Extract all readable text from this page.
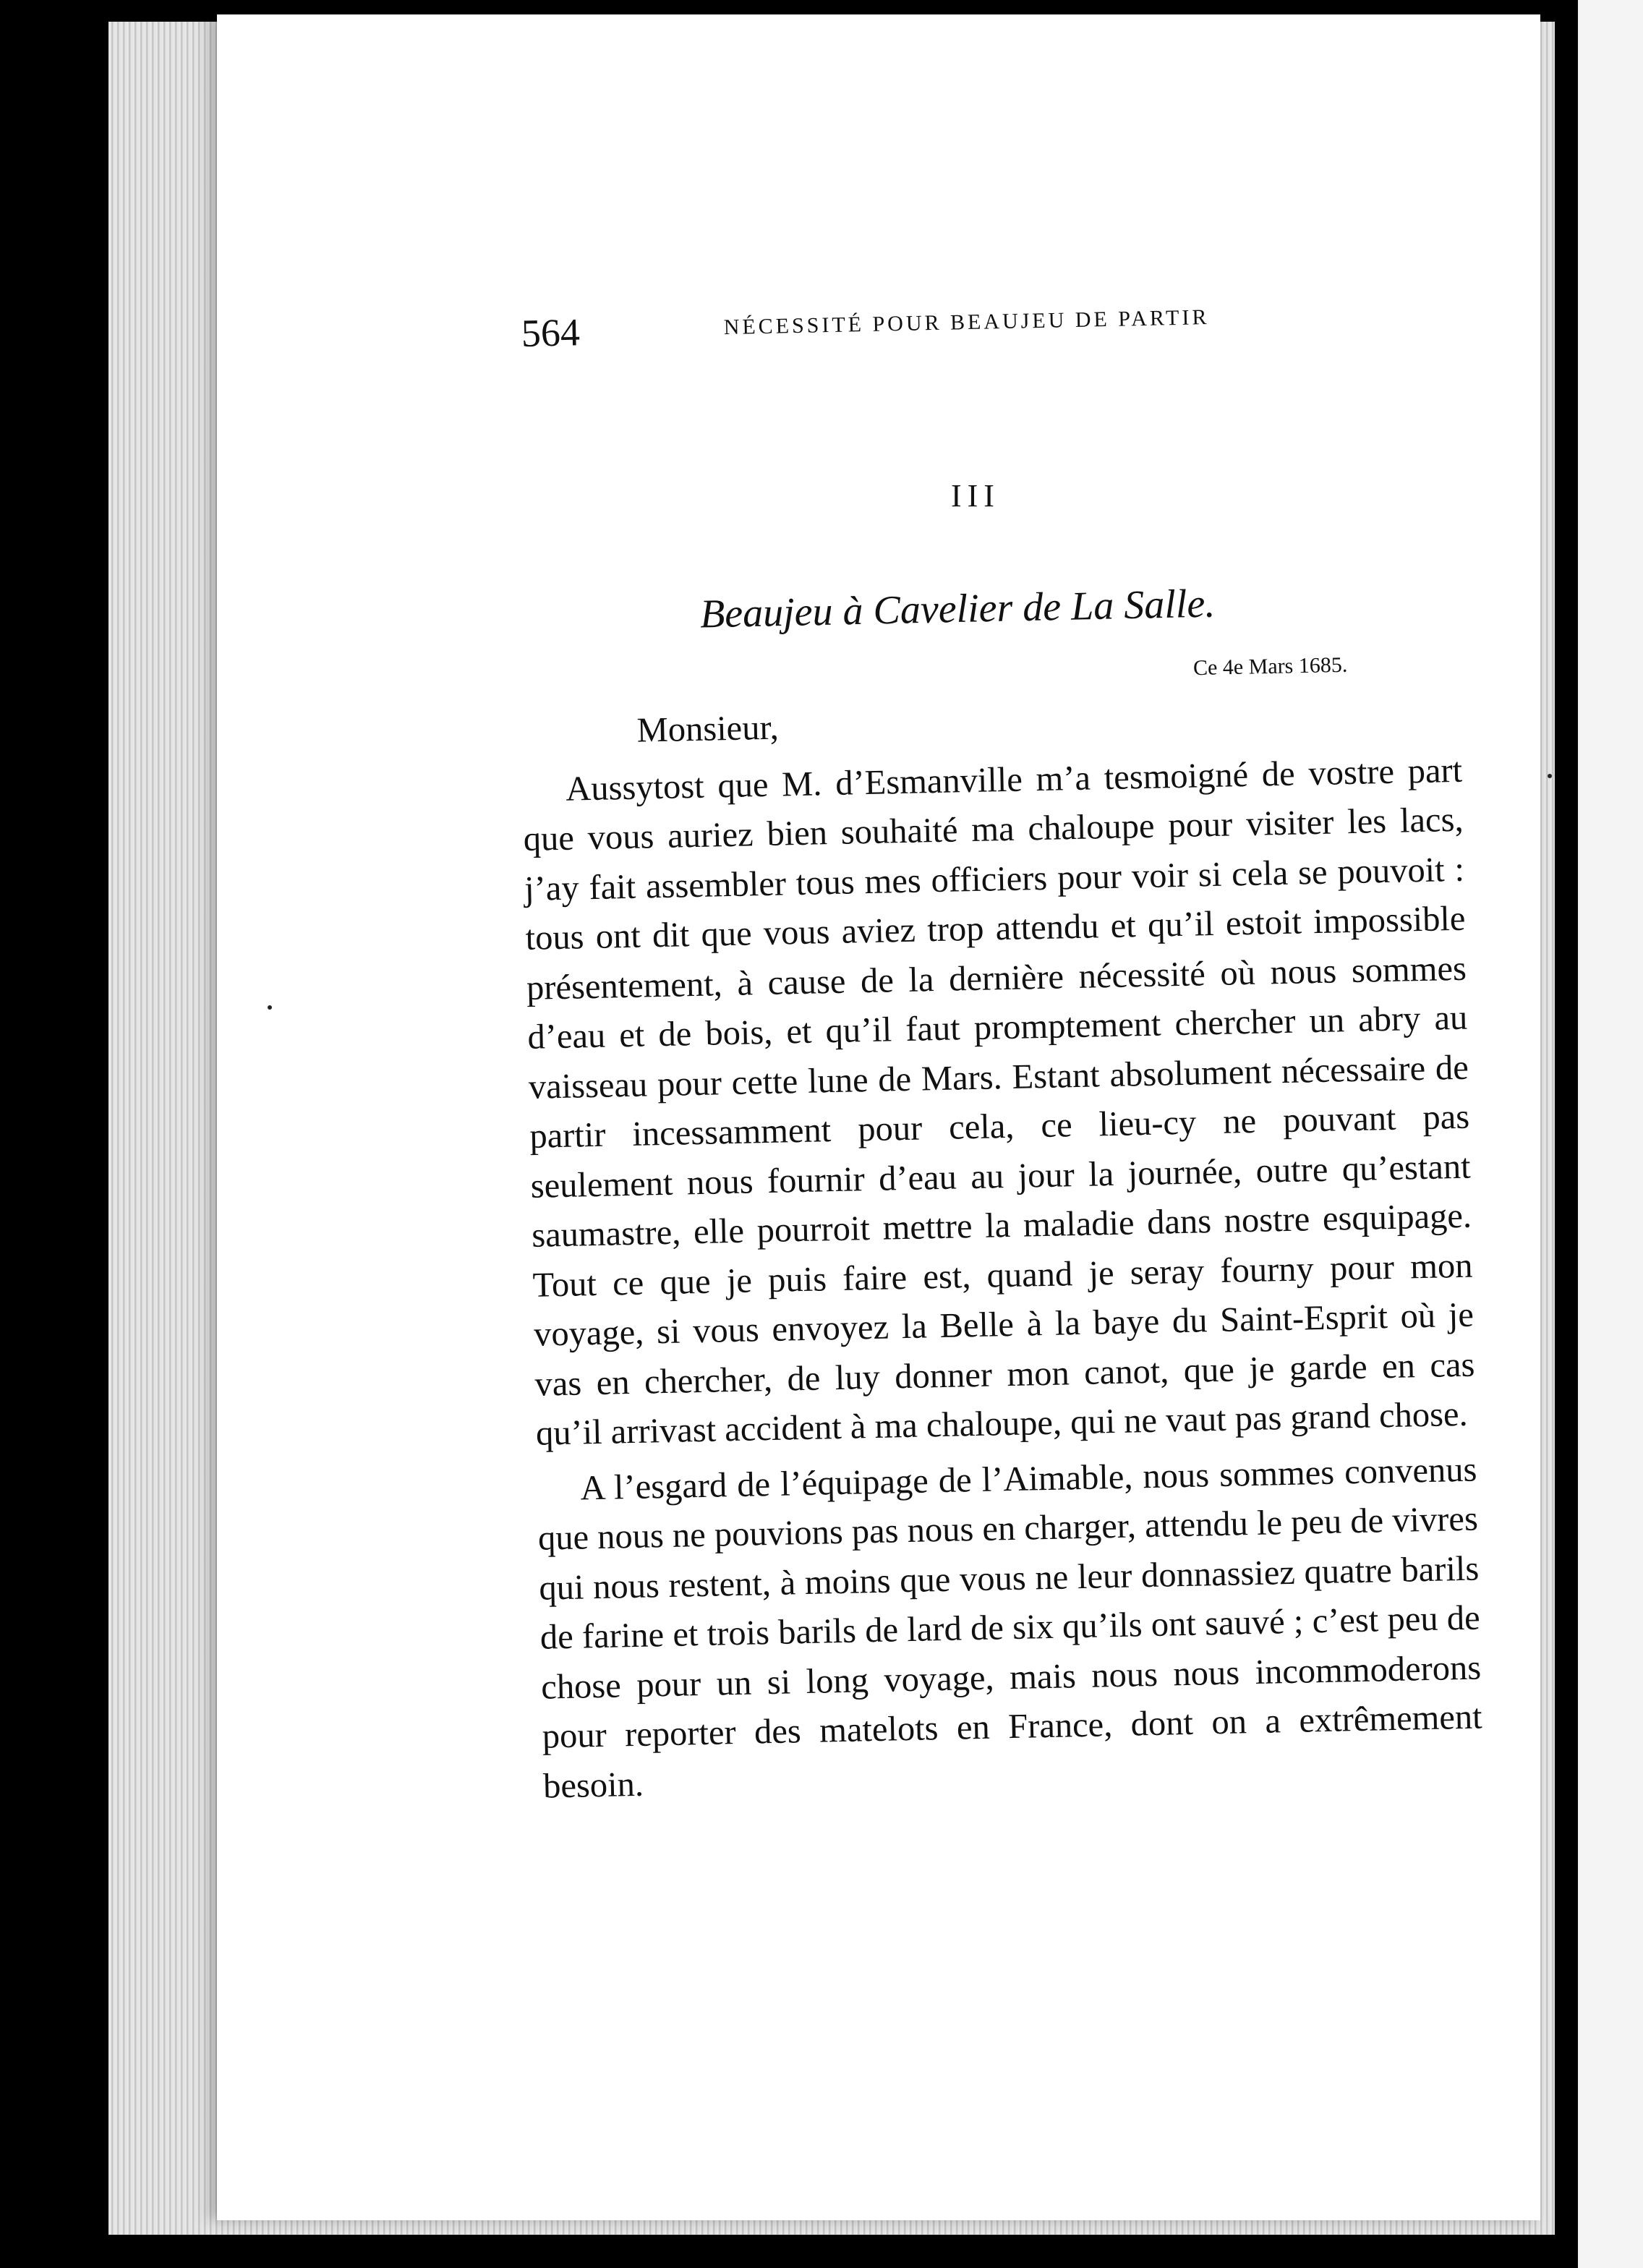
564	NÉCESSITÉ POUR BEAUJEU DE PARTIR
III
Beaujeu à Cavelier de La Salle.
Ce 4e Mars 1685.

Monsieur,

Aussytost que M. d’Esmanville m’a tesmoigné de vostre part que vous auriez bien souhaité ma chaloupe pour visiter les lacs, j’ay fait assembler tous mes officiers pour voir si cela se pouvoit : tous ont dit que vous aviez trop attendu et qu’il estoit impossible présentement, à cause de la dernière nécessité où nous sommes d’eau et de bois, et qu’il faut promptement chercher un abry au vaisseau pour cette lune de Mars. Estant absolument nécessaire de partir incessamment pour cela, ce lieu-cy ne pouvant pas seulement nous fournir d’eau au jour la journée, outre qu’estant saumastre, elle pourroit mettre la maladie dans nostre esquipage. Tout ce que je puis faire est, quand je seray fourny pour mon voyage, si vous envoyez la Belle à la baye du Saint-Esprit où je vas en chercher, de luy donner mon canot, que je garde en cas qu’il arrivast accident à ma chaloupe, qui ne vaut pas grand chose.

A l’esgard de l’équipage de l’Aimable, nous sommes convenus que nous ne pouvions pas nous en charger, attendu le peu de vivres qui nous restent, à moins que vous ne leur donnassiez quatre barils de farine et trois barils de lard de six qu’ils ont sauvé ; c’est peu de chose pour un si long voyage, mais nous nous incommoderons pour reporter des matelots en France, dont on a extrêmement besoin.
